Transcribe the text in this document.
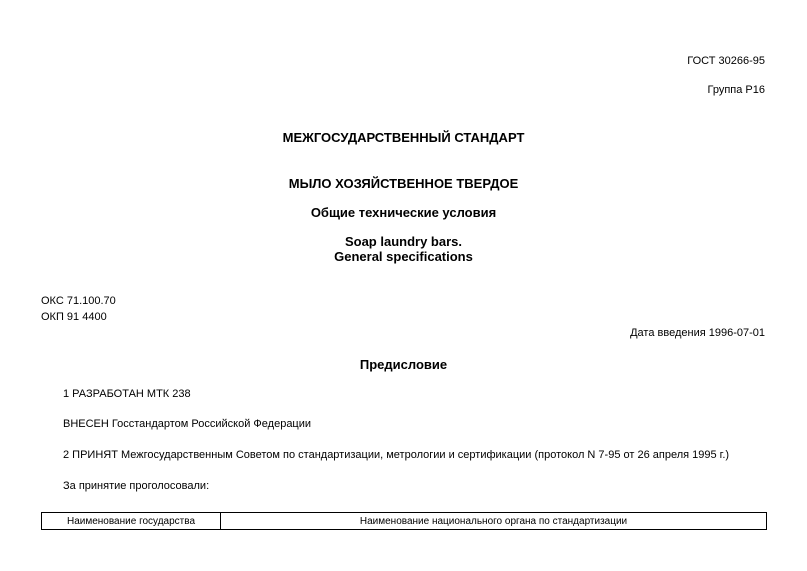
ГОСТ 30266-95
Группа Р16
МЕЖГОСУДАРСТВЕННЫЙ СТАНДАРТ
МЫЛО ХОЗЯЙСТВЕННОЕ ТВЕРДОЕ
Общие технические условия
Soap laundry bars.
General specifications
ОКС 71.100.70
ОКП 91 4400
Дата введения 1996-07-01
Предисловие
1 РАЗРАБОТАН МТК 238
ВНЕСЕН Госстандартом Российской Федерации
2 ПРИНЯТ Межгосударственным Советом по стандартизации, метрологии и сертификации (протокол N 7-95 от 26 апреля 1995 г.)
За принятие проголосовали:
Наименование государства	Наименование национального органа по стандартизации
